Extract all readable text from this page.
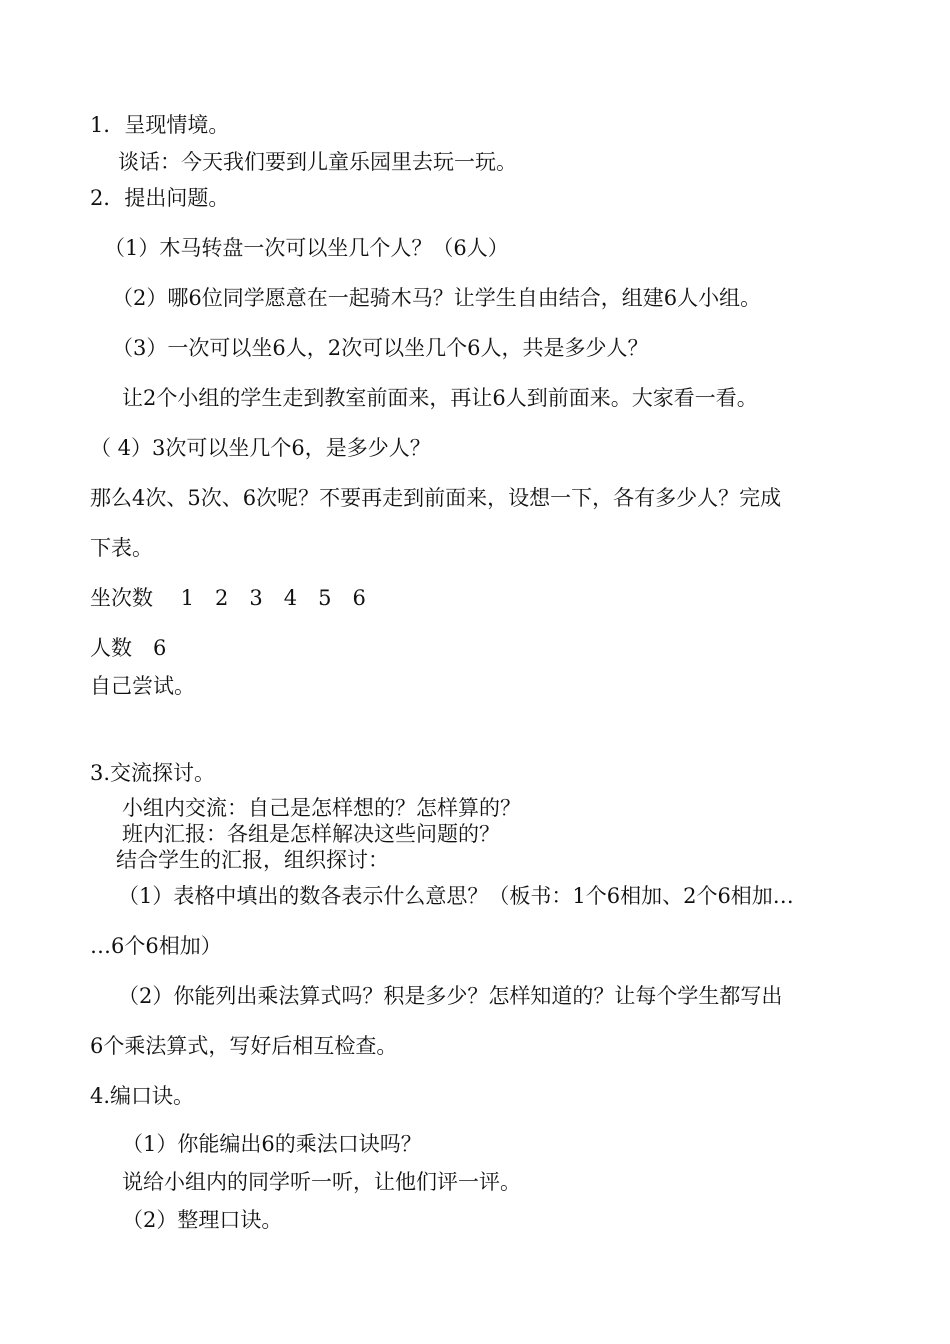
1．呈现情境。
谈话：今天我们要到儿童乐园里去玩一玩。
2．提出问题。
（1）木马转盘一次可以坐几个人？（6人）
（2）哪6位同学愿意在一起骑木马？让学生自由结合，组建6人小组。
（3）一次可以坐6人，2次可以坐几个6人，共是多少人？
让2个小组的学生走到教室前面来，再让6人到前面来。大家看一看。
（ 4）3次可以坐几个6，是多少人？
那么4次、5次、6次呢？不要再走到前面来，设想一下，各有多少人？完成
下表。
坐次数　 1　2　3　4　5　6
人数　6
自己尝试。
3.交流探讨。
小组内交流：自己是怎样想的？怎样算的？
班内汇报：各组是怎样解决这些问题的？
结合学生的汇报，组织探讨：
（1）表格中填出的数各表示什么意思？（板书：1个6相加、2个6相加…
…6个6相加）
（2）你能列出乘法算式吗？积是多少？怎样知道的？让每个学生都写出
6个乘法算式，写好后相互检查。
4.编口诀。
（1）你能编出6的乘法口诀吗？
说给小组内的同学听一听，让他们评一评。
（2）整理口诀。
